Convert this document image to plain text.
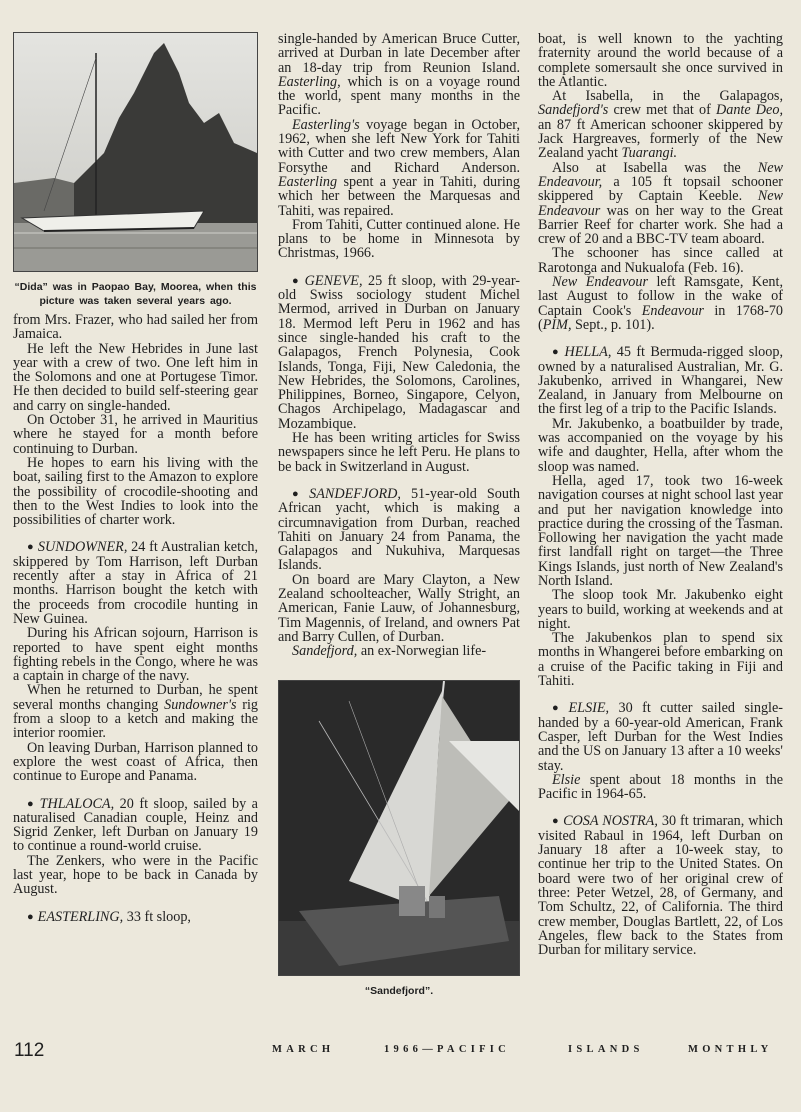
“Dida” was in Paopao Bay, Moorea, when this picture was taken several years ago.

from Mrs. Frazer, who had sailed her from Jamaica.

He left the New Hebrides in June last year with a crew of two. One left him in the Solomons and one at Portugese Timor. He then decided to build self-steering gear and carry on single-handed.

On October 31, he arrived in Mauritius where he stayed for a month before continuing to Durban.

He hopes to earn his living with the boat, sailing first to the Amazon to explore the possibility of crocodile-shooting and then to the West Indies to look into the possibilities of charter work.

● SUNDOWNER, 24 ft Australian ketch, skippered by Tom Harrison, left Durban recently after a stay in Africa of 21 months. Harrison bought the ketch with the proceeds from crocodile hunting in New Guinea.

During his African sojourn, Harrison is reported to have spent eight months fighting rebels in the Congo, where he was a captain in charge of the navy.

When he returned to Durban, he spent several months changing Sundowner's rig from a sloop to a ketch and making the interior roomier.

On leaving Durban, Harrison planned to explore the west coast of Africa, then continue to Europe and Panama.

● THLALOCA, 20 ft sloop, sailed by a naturalised Canadian couple, Heinz and Sigrid Zenker, left Durban on January 19 to continue a round-world cruise.

The Zenkers, who were in the Pacific last year, hope to be back in Canada by August.

● EASTERLING, 33 ft sloop,

single-handed by American Bruce Cutter, arrived at Durban in late December after an 18-day trip from Reunion Island. Easterling, which is on a voyage round the world, spent many months in the Pacific.

Easterling's voyage began in October, 1962, when she left New York for Tahiti with Cutter and two crew members, Alan Forsythe and Richard Anderson. Easterling spent a year in Tahiti, during which her between the Marquesas and Tahiti, was repaired.

From Tahiti, Cutter continued alone. He plans to be home in Minnesota by Christmas, 1966.

● GENEVE, 25 ft sloop, with 29-year-old Swiss sociology student Michel Mermod, arrived in Durban on January 18. Mermod left Peru in 1962 and has since single-handed his craft to the Galapagos, French Polynesia, Cook Islands, Tonga, Fiji, New Caledonia, the New Hebrides, the Solomons, Carolines, Philippines, Borneo, Singapore, Celyon, Chagos Archipelago, Madagascar and Mozambique.

He has been writing articles for Swiss newspapers since he left Peru. He plans to be back in Switzerland in August.

● SANDEFJORD, 51-year-old South African yacht, which is making a circumnavigation from Durban, reached Tahiti on January 24 from Panama, the Galapagos and Nukuhiva, Marquesas Islands.

On board are Mary Clayton, a New Zealand schoolteacher, Wally Stright, an American, Fanie Lauw, of Johannesburg, Tim Magennis, of Ireland, and owners Pat and Barry Cullen, of Durban.

Sandefjord, an ex-Norwegian life-

“Sandefjord”.

boat, is well known to the yachting fraternity around the world because of a complete somersault she once survived in the Atlantic.

At Isabella, in the Galapagos, Sandefjord's crew met that of Dante Deo, an 87 ft American schooner skippered by Jack Hargreaves, formerly of the New Zealand yacht Tuarangi.

Also at Isabella was the New Endeavour, a 105 ft topsail schooner skippered by Captain Keeble. New Endeavour was on her way to the Great Barrier Reef for charter work. She had a crew of 20 and a BBC-TV team aboard.

The schooner has since called at Rarotonga and Nukualofa (Feb. 16).

New Endeavour left Ramsgate, Kent, last August to follow in the wake of Captain Cook's Endeavour in 1768-70 (PIM, Sept., p. 101).

● HELLA, 45 ft Bermuda-rigged sloop, owned by a naturalised Australian, Mr. G. Jakubenko, arrived in Whangarei, New Zealand, in January from Melbourne on the first leg of a trip to the Pacific Islands.

Mr. Jakubenko, a boatbuilder by trade, was accompanied on the voyage by his wife and daughter, Hella, after whom the sloop was named.

Hella, aged 17, took two 16-week navigation courses at night school last year and put her navigation knowledge into practice during the crossing of the Tasman. Following her navigation the yacht made first landfall right on target—the Three Kings Islands, just north of New Zealand's North Island.

The sloop took Mr. Jakubenko eight years to build, working at weekends and at night.

The Jakubenkos plan to spend six months in Whangerei before embarking on a cruise of the Pacific taking in Fiji and Tahiti.

● ELSIE, 30 ft cutter sailed single-handed by a 60-year-old American, Frank Casper, left Durban for the West Indies and the US on January 13 after a 10 weeks' stay.

Elsie spent about 18 months in the Pacific in 1964-65.

● COSA NOSTRA, 30 ft trimaran, which visited Rabaul in 1964, left Durban on January 18 after a 10-week stay, to continue her trip to the United States. On board were two of her original crew of three: Peter Wetzel, 28, of Germany, and Tom Schultz, 22, of California. The third crew member, Douglas Bartlett, 22, of Los Angeles, flew back to the States from Durban for military service.

112	MARCH	1966—PACIFIC	ISLANDS	MONTHLY
